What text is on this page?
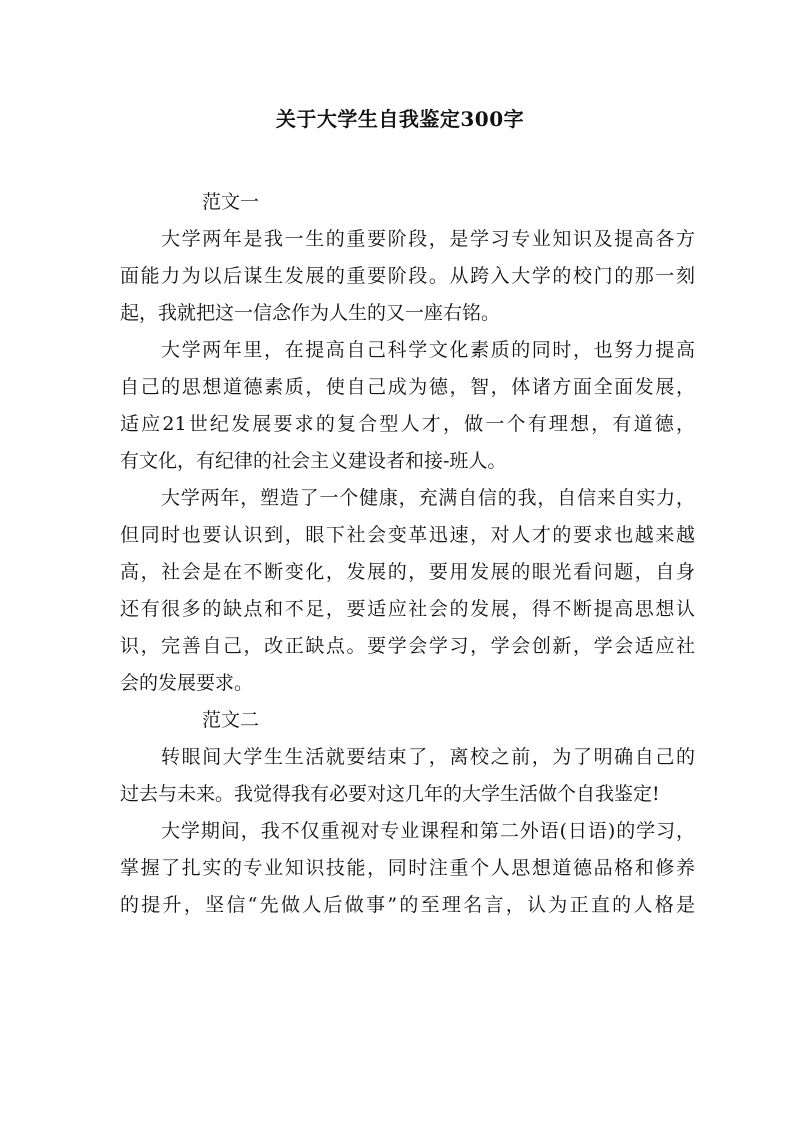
关于大学生自我鉴定300字
范文一
大学两年是我一生的重要阶段，是学习专业知识及提高各方
面能力为以后谋生发展的重要阶段。从跨入大学的校门的那一刻
起，我就把这一信念作为人生的又一座右铭。
大学两年里，在提高自己科学文化素质的同时，也努力提高
自己的思想道德素质，使自己成为德，智，体诸方面全面发展，
适应21世纪发展要求的复合型人才，做一个有理想，有道德，
有文化，有纪律的社会主义建设者和接-班人。
大学两年，塑造了一个健康，充满自信的我，自信来自实力，
但同时也要认识到，眼下社会变革迅速，对人才的要求也越来越
高，社会是在不断变化，发展的，要用发展的眼光看问题，自身
还有很多的缺点和不足，要适应社会的发展，得不断提高思想认
识，完善自己，改正缺点。要学会学习，学会创新，学会适应社
会的发展要求。
范文二
转眼间大学生生活就要结束了，离校之前，为了明确自己的
过去与未来。我觉得我有必要对这几年的大学生活做个自我鉴定!
大学期间，我不仅重视对专业课程和第二外语(日语)的学习，
掌握了扎实的专业知识技能，同时注重个人思想道德品格和修养
的提升，坚信“先做人后做事”的至理名言，认为正直的人格是
